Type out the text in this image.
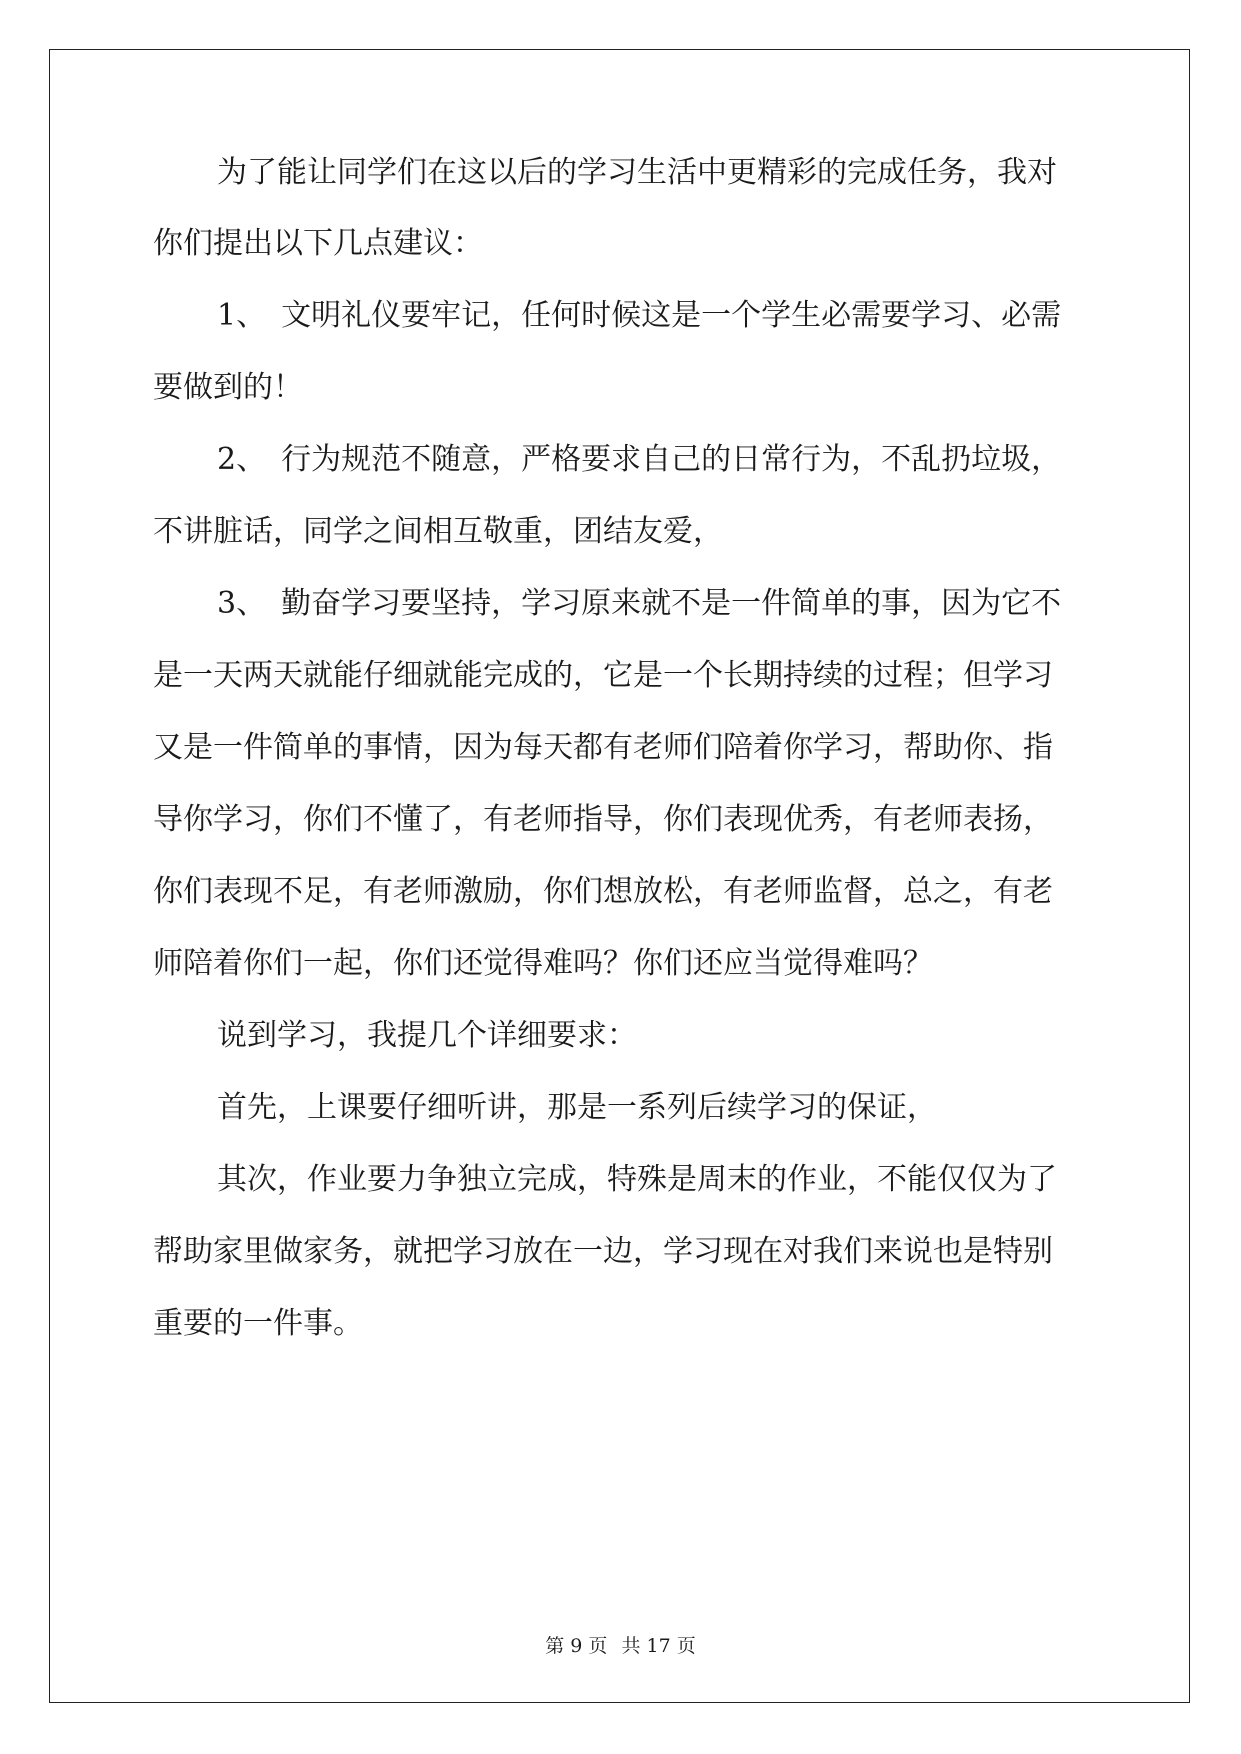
为了能让同学们在这以后的学习生活中更精彩的完成任务，我对

你们提出以下几点建议：

1、　文明礼仪要牢记，任何时候这是一个学生必需要学习、必需

要做到的！

2、　行为规范不随意，严格要求自己的日常行为，不乱扔垃圾，

不讲脏话，同学之间相互敬重，团结友爱，

3、　勤奋学习要坚持，学习原来就不是一件简单的事，因为它不

是一天两天就能仔细就能完成的，它是一个长期持续的过程；但学习

又是一件简单的事情，因为每天都有老师们陪着你学习，帮助你、指

导你学习，你们不懂了，有老师指导，你们表现优秀，有老师表扬，

你们表现不足，有老师激励，你们想放松，有老师监督，总之，有老

师陪着你们一起，你们还觉得难吗？你们还应当觉得难吗？

说到学习，我提几个详细要求：

首先，上课要仔细听讲，那是一系列后续学习的保证，

其次，作业要力争独立完成，特殊是周末的作业，不能仅仅为了

帮助家里做家务，就把学习放在一边，学习现在对我们来说也是特别

重要的一件事。

第 9 页 共 17 页
